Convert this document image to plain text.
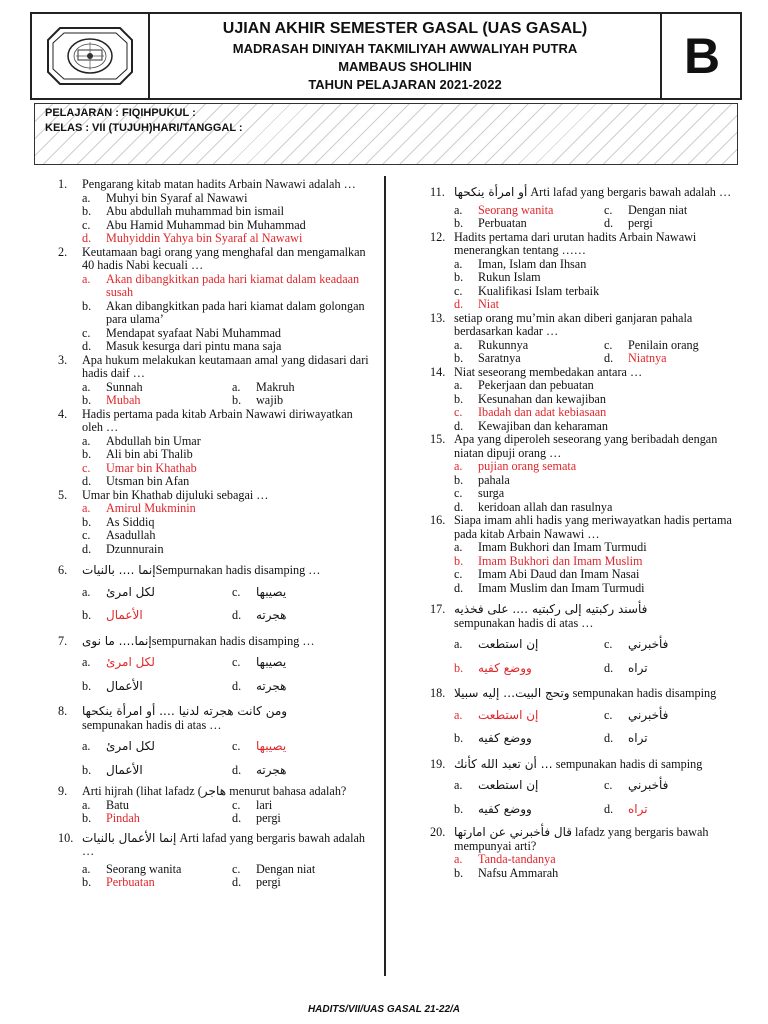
UJIAN AKHIR SEMESTER GASAL (UAS GASAL)
MADRASAH DINIYAH TAKMILIYAH AWWALIYAH PUTRA
MAMBAUS SHOLIHIN
TAHUN PELAJARAN 2021-2022
B
PELAJARAN : FIQIHPUKUL :
KELAS : VII (TUJUH)HARI/TANGGAL :
1.	Pengarang kitab matan hadits Arbain Nawawi adalah …
a. Muhyi bin Syaraf al Nawawi
b. Abu abdullah muhammad bin ismail
c. Abu Hamid Muhammad bin Muhammad
d. Muhyiddin Yahya bin Syaraf al Nawawi
2.	Keutamaan bagi orang yang menghafal dan mengamalkan 40 hadis Nabi kecuali …
a. Akan dibangkitkan pada hari kiamat dalam keadaan susah
b. Akan dibangkitkan pada hari kiamat dalam golongan para ulama’
c. Mendapat syafaat Nabi Muhammad
d. Masuk kesurga dari pintu mana saja
3.	Apa hukum melakukan keutamaan amal yang didasari dari hadis daif …
a. Sunnah	a. Makruh
b. Mubah	b. wajib
4.	Hadis pertama pada kitab Arbain Nawawi diriwayatkan oleh …
a. Abdullah bin Umar
b. Ali bin abi Thalib
c. Umar bin Khathab
d. Utsman bin Afan
5.	Umar bin Khathab dijuluki sebagai …
a. Amirul Mukminin
b. As Siddiq
c. Asadullah
d. Dzunnurain
6.	إنما …. بالنياتSempurnakan hadis disamping …
a. لكل امرئ	c. يصيبها
b. الأعمال	d. هجرته
7.	إنما…. ما نوىsempurnakan hadis disamping …
a. لكل امرئ	c. يصيبها
b. الأعمال	d. هجرته
8.	ومن كانت هجرته لدنيا …. أو امرأة ينكحها
sempunakan hadis di atas …
a. لكل امرئ	c. يصيبها
b. الأعمال	d. هجرته
9.	Arti hijrah (lihat lafadz (هاجر menurut bahasa adalah?
a. Batu	c. lari
b. Pindah	d. pergi
10. إنما الأعمال بالنيات Arti lafad yang bergaris bawah adalah …
a. Seorang wanita	c. Dengan niat
b. Perbuatan	d. pergi
11. أو امرأة ينكحها Arti lafad yang bergaris bawah adalah …
a. Seorang wanita	c. Dengan niat
b. Perbuatan	d. pergi
12. Hadits pertama dari urutan hadits Arbain Nawawi menerangkan tentang ……
a. Iman, Islam dan Ihsan
b. Rukun Islam
c. Kualifikasi Islam terbaik
d. Niat
13. setiap orang mu’min akan diberi ganjaran pahala berdasarkan kadar …
a. Rukunnya	c. Penilain orang
b. Saratnya	d. Niatnya
14. Niat seseorang membedakan antara …
a. Pekerjaan dan pebuatan
b. Kesunahan dan kewajiban
c. Ibadah dan adat kebiasaan
d. Kewajiban dan keharaman
15. Apa yang diperoleh seseorang yang beribadah dengan niatan dipuji orang …
a. pujian orang semata
b. pahala
c. surga
d. keridoan allah dan rasulnya
16. Siapa imam ahli hadis yang meriwayatkan hadis pertama pada kitab Arbain Nawawi …
a. Imam Bukhori dan Imam Turmudi
b. Imam Bukhori dan Imam Muslim
c. Imam Abi Daud dan Imam Nasai
d. Imam Muslim dan Imam Turmudi
17. فأسند ركبتيه إلى ركبتيه …. على فخذيه
sempunakan hadis di atas …
a. إن استطعت	c. فأخبرني
b. ووضع كفيه	d. تراه
18. وتحج البيت… إليه سبيلا sempunakan hadis disamping
a. إن استطعت	c. فأخبرني
b. ووضع كفيه	d. تراه
19. أن تعبد الله كأنك … sempunakan hadis di samping
a. إن استطعت	c. فأخبرني
b. ووضع كفيه	d. تراه
20. قال فأخبرني عن امارتها lafadz yang bergaris bawah mempunyai arti?
a. Tanda-tandanya
b. Nafsu Ammarah
HADITS/VII/UAS GASAL 21-22/A
